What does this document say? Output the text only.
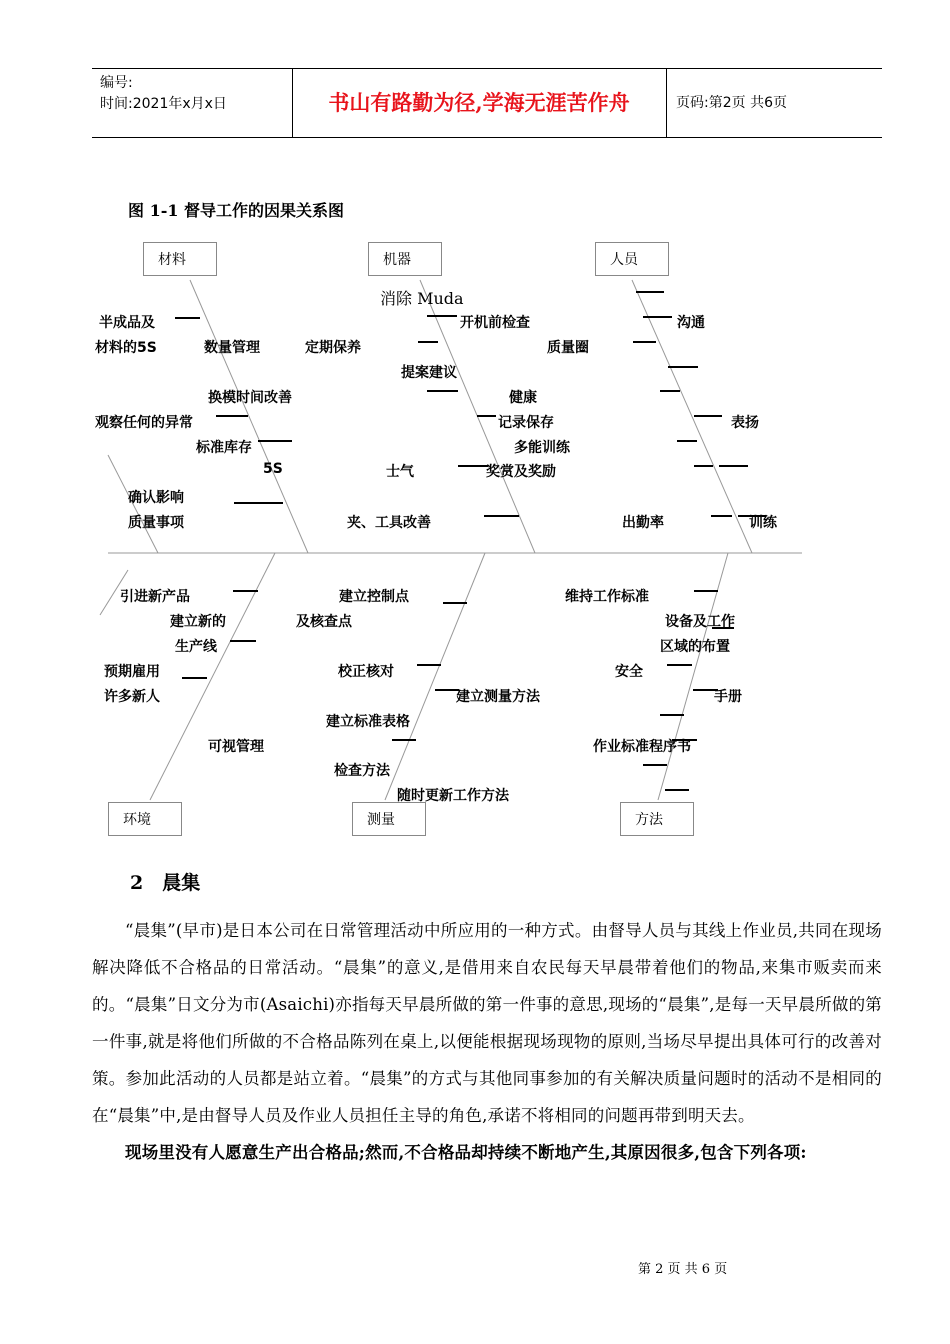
编号:
时间:2021年x月x日	书山有路勤为径,学海无涯苦作舟	页码:第2页 共6页
图 1-1 督导工作的因果关系图
材料	机器	人员
环境	测量	方法
消除 Muda
半成品及
材料的5S	数量管理	定期保养
开机前检查
质量圈
沟通
提案建议
换模时间改善	健康
观察任何的异常	记录保存	表扬
标准库存	多能训练
5S	士气	奖赏及奖励
确认影响
质量事项	夹、工具改善	出勤率	训练
引进新产品	建立控制点	维持工作标准
建立新的	及核查点	设备及工作
生产线	区域的布置
预期雇用	校正核对	安全
许多新人	建立测量方法	手册
建立标准表格
可视管理	作业标准程序书
检查方法
随时更新工作方法
2　晨集

“晨集”(早市)是日本公司在日常管理活动中所应用的一种方式。由督导人员与其线上作业员,共同在现场解决降低不合格品的日常活动。“晨集”的意义,是借用来自农民每天早晨带着他们的物品,来集市贩卖而来的。“晨集”日文分为市(Asaichi)亦指每天早晨所做的第一件事的意思,现场的“晨集”,是每一天早晨所做的第一件事,就是将他们所做的不合格品陈列在桌上,以便能根据现场现物的原则,当场尽早提出具体可行的改善对策。参加此活动的人员都是站立着。“晨集”的方式与其他同事参加的有关解决质量问题时的活动不是相同的在“晨集”中,是由督导人员及作业人员担任主导的角色,承诺不将相同的问题再带到明天去。

现场里没有人愿意生产出合格品;然而,不合格品却持续不断地产生,其原因很多,包含下列各项:

第 2 页 共 6 页
